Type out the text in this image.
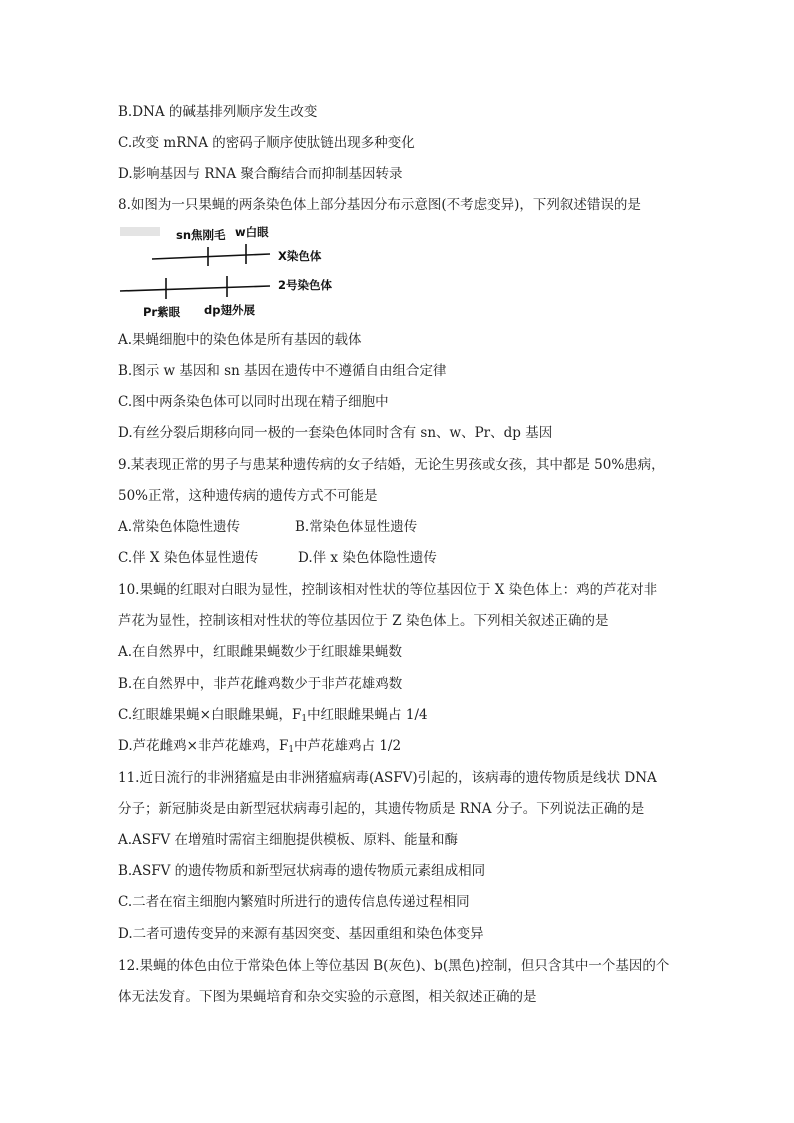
B.DNA 的碱基排列顺序发生改变
C.改变 mRNA 的密码子顺序使肽链出现多种变化
D.影响基因与 RNA 聚合酶结合而抑制基因转录
8.如图为一只果蝇的两条染色体上部分基因分布示意图(不考虑变异)，下列叙述错误的是
sn焦刚毛 w白眼
X染色体
2号染色体
Pr紫眼 dp翅外展
A.果蝇细胞中的染色体是所有基因的载体
B.图示 w 基因和 sn 基因在遗传中不遵循自由组合定律
C.图中两条染色体可以同时出现在精子细胞中
D.有丝分裂后期移向同一极的一套染色体同时含有 sn、w、Pr、dp 基因
9.某表现正常的男子与患某种遗传病的女子结婚，无论生男孩或女孩，其中都是 50%患病，
50%正常，这种遗传病的遗传方式不可能是
A.常染色体隐性遗传	B.常染色体显性遗传
C.伴 X 染色体显性遗传	D.伴 x 染色体隐性遗传
10.果蝇的红眼对白眼为显性，控制该相对性状的等位基因位于 X 染色体上：鸡的芦花对非
芦花为显性，控制该相对性状的等位基因位于 Z 染色体上。下列相关叙述正确的是
A.在自然界中，红眼雌果蝇数少于红眼雄果蝇数
B.在自然界中，非芦花雌鸡数少于非芦花雄鸡数
C.红眼雄果蝇×白眼雌果蝇，$F_1$中红眼雌果蝇占 1/4
D.芦花雌鸡×非芦花雄鸡，$F_1$中芦花雄鸡占 1/2
11.近日流行的非洲猪瘟是由非洲猪瘟病毒(ASFV)引起的，该病毒的遗传物质是线状 DNA
分子；新冠肺炎是由新型冠状病毒引起的，其遗传物质是 RNA 分子。下列说法正确的是
A.ASFV 在增殖时需宿主细胞提供模板、原料、能量和酶
B.ASFV 的遗传物质和新型冠状病毒的遗传物质元素组成相同
C.二者在宿主细胞内繁殖时所进行的遗传信息传递过程相同
D.二者可遗传变异的来源有基因突变、基因重组和染色体变异
12.果蝇的体色由位于常染色体上等位基因 B(灰色)、b(黑色)控制，但只含其中一个基因的个
体无法发育。下图为果蝇培育和杂交实验的示意图，相关叙述正确的是
